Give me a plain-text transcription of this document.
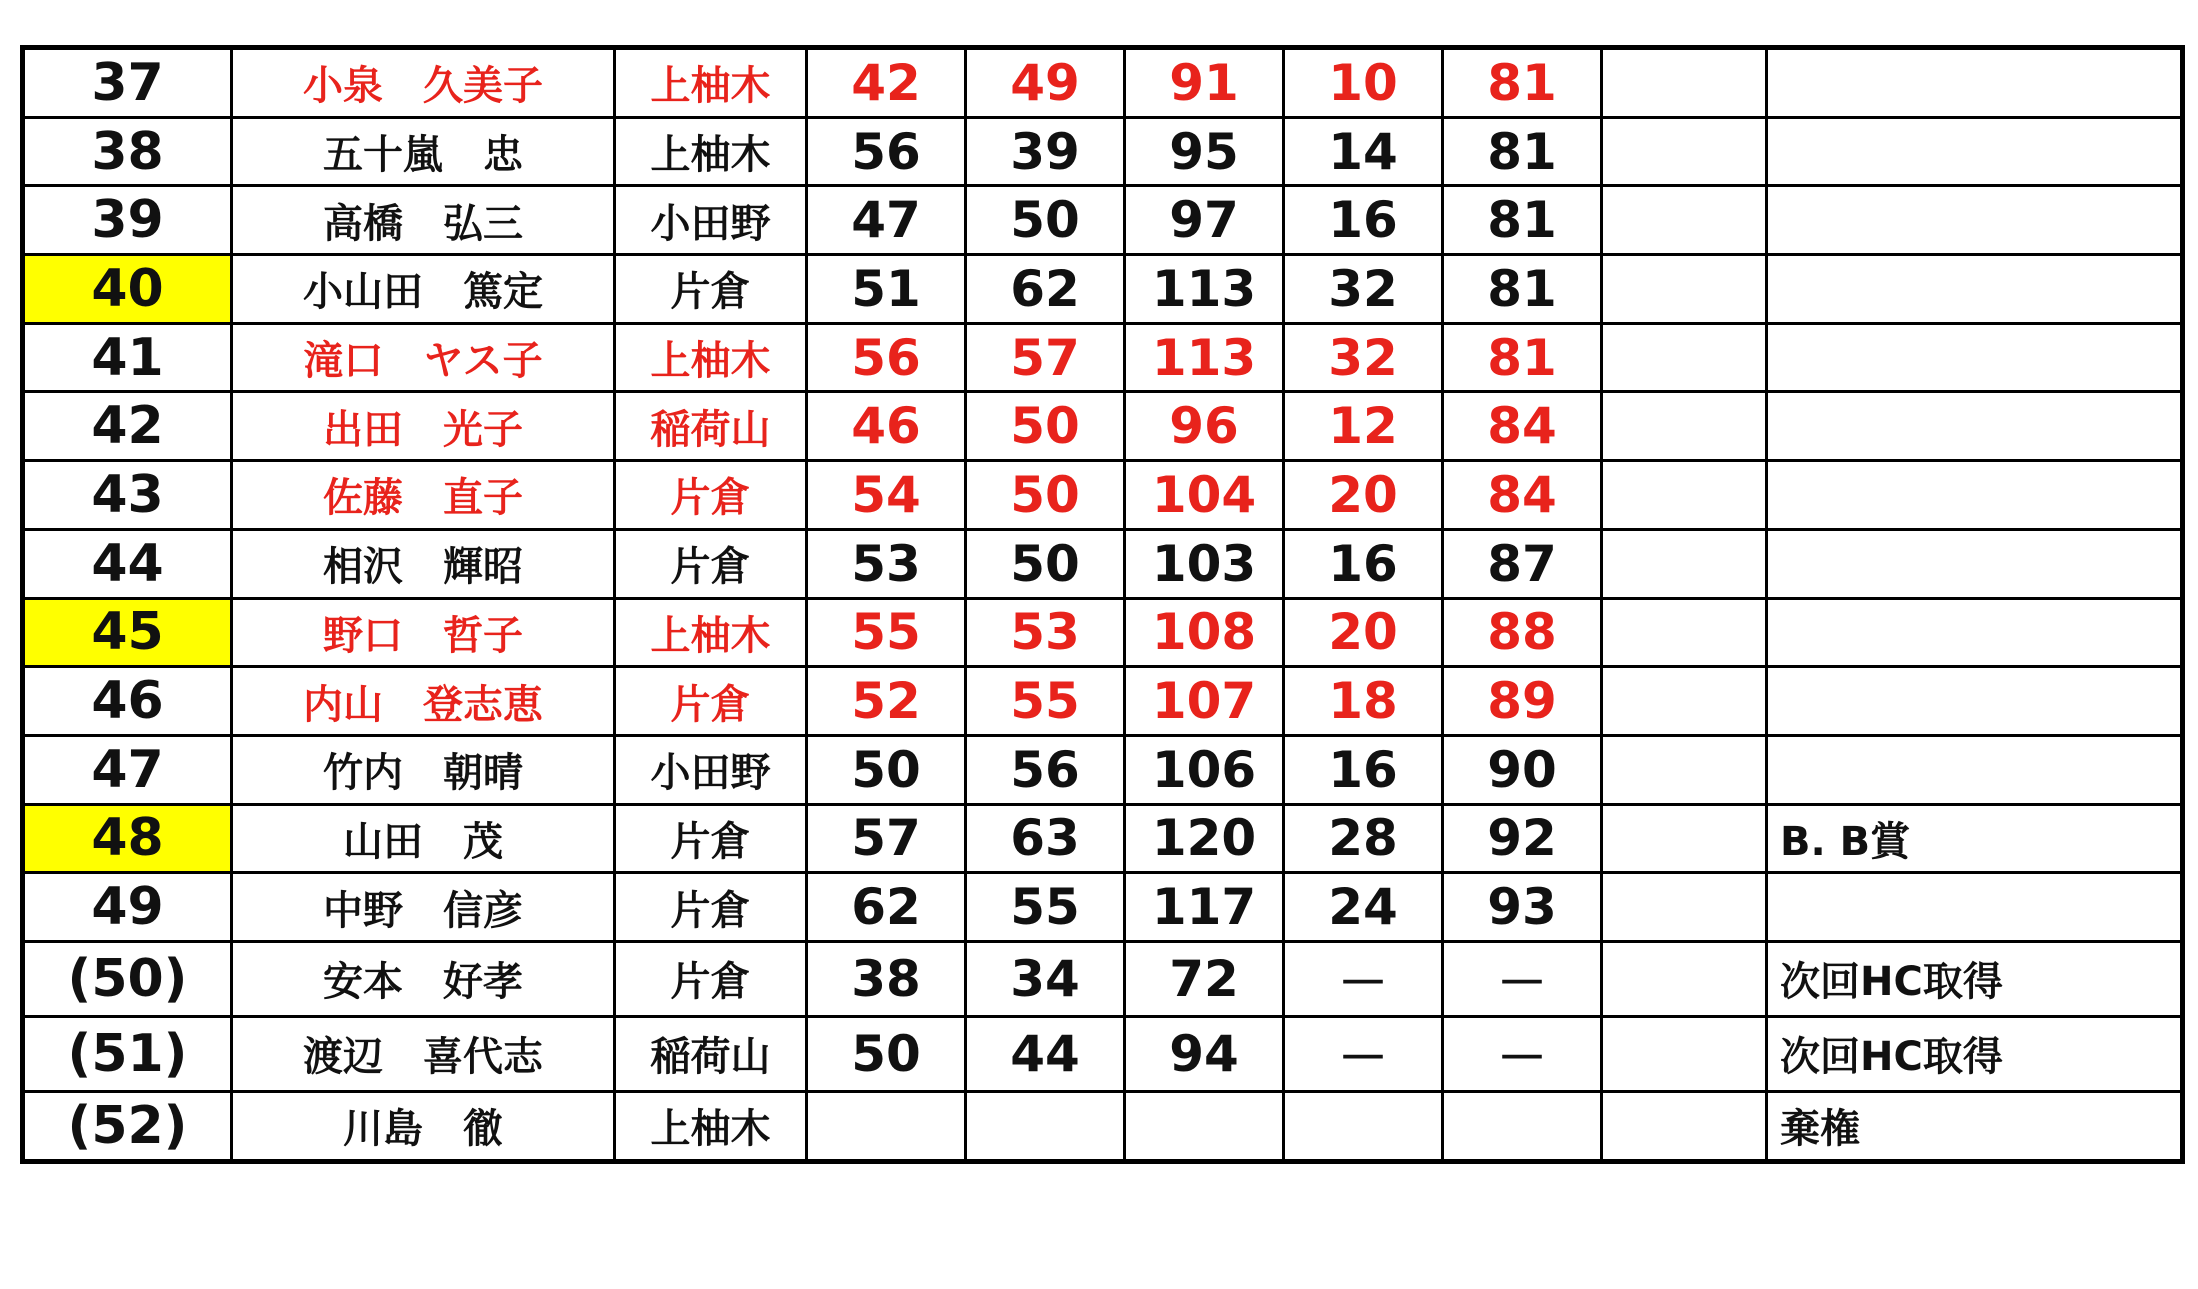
37	小泉　久美子	上柚木	42	49	91	10	81		
38	五十嵐　忠	上柚木	56	39	95	14	81		
39	高橋　弘三	小田野	47	50	97	16	81		
40	小山田　篤定	片倉	51	62	113	32	81		
41	滝口　ヤス子	上柚木	56	57	113	32	81		
42	出田　光子	稲荷山	46	50	96	12	84		
43	佐藤　直子	片倉	54	50	104	20	84		
44	相沢　輝昭	片倉	53	50	103	16	87		
45	野口　哲子	上柚木	55	53	108	20	88		
46	内山　登志恵	片倉	52	55	107	18	89		
47	竹内　朝晴	小田野	50	56	106	16	90		
48	山田　茂	片倉	57	63	120	28	92		B. B賞
49	中野　信彦	片倉	62	55	117	24	93		
(50)	安本　好孝	片倉	38	34	72	－	－		次回HC取得
(51)	渡辺　喜代志	稲荷山	50	44	94	－	－		次回HC取得
(52)	川島　徹	上柚木							棄権
